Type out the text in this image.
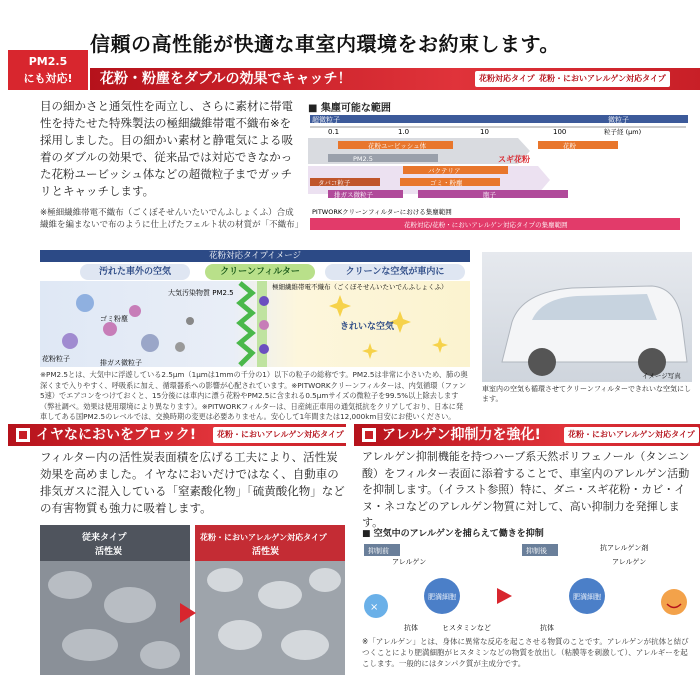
信頼の高性能が快適な車室内環境をお約束します。
PM2.5
にも対応!	花粉・粉塵をダブルの効果でキャッチ！	花粉対応タイプ 花粉・においアレルゲン対応タイプ
目の細かさと通気性を両立し、さらに素材に帯電性を持たせた特殊製法の極細繊維帯電不織布※を採用しました。目の細かい素材と静電気による吸着のダブルの効果で、従来品では対応できなかった花粉ユービッシュ体などの超微粒子までガッチリとキャッチします。
※極細繊維帯電不織布（ごくぼそせんいたいでんふしょくふ）合成繊維を編まないで布のように仕上げたフェルト状の材質が「不織布」
■ 集塵可能な範囲
超微粒子	微粒子
0.1	1.0	10	100	粒子経 (μm)
花粉ユービッシュ体	花粉
PM2.5	スギ花粉
バクテリア
タバコ粒子	ゴミ・粉塵
排ガス微粒子	胞子
PITWORKクリーンフィルターにおける集塵範囲
花粉対応/花粉・においアレルゲン対応タイプの集塵範囲
花粉対応タイプイメージ
汚れた車外の空気	クリーンフィルター	クリーンな空気が車内に
大気汚染物質 PM2.5
極細繊維帯電不織布（ごくぼそせんいたいでんふしょくふ）
ゴミ粉塵
花粉粒子	排ガス微粒子
きれいな空気
※PM2.5とは、大気中に浮遊している2.5μm（1μmは1mmの千分の1）以下の粒子の総称です。PM2.5は非常に小さいため、肺の奥深くまで入りやすく、呼吸系に加え、循環器系への影響が心配されています。※PITWORKクリーンフィルターは、内気循環（ファン5速）でエアコンをつけておくと、15分後には車内に漂う花粉やPM2.5に含まれる0.5μmサイズの微粒子を99.5%以上除去します（弊社調べ。効果は使用環境により異なります）。※PITWORKフィルターは、日産純正車用の通気抵抗をクリアしており、日本に発車してある国PM2.5のレベルでは、交換時期の変更は必要ありません。安心して1年間または12,000km目安にお使いください。
イメージ写真
車室内の空気も循環させてクリーンフィルターできれいな空気にします。
イヤなにおいをブロック!	花粉・においアレルゲン対応タイプ
フィルター内の活性炭表面積を広げる工夫により、活性炭効果を高めました。イヤなにおいだけではなく、自動車の排気ガスに混入している「窒素酸化物」「硫黄酸化物」などの有害物質も強力に吸着します。
従来タイプ
活性炭
花粉・においアレルゲン対応タイプ
活性炭
アレルゲン抑制力を強化!	花粉・においアレルゲン対応タイプ
アレルゲン抑制機能を持つハーブ系天然ポリフェノール（タンニン酸）をフィルター表面に添着することで、車室内のアレルゲン活動を抑制します。（イラスト参照）特に、ダニ・スギ花粉・カビ・イヌ・ネコなどのアレルゲン物質に対して、高い抑制力を発揮します。
■ 空気中のアレルゲンを捕らえて働きを抑制
抑制前	抑制後
×
肥満細胞
アレルゲン
抗体	ヒスタミンなど
肥満細胞
抗アレルゲン剤
アレルゲン
抗体
※「アレルゲン」とは、身体に異常な反応を起こさせる物質のことです。アレルゲンが抗体と結びつくことにより肥満細胞がヒスタミンなどの物質を放出し（粘膜等を刺激して）、アレルギーを起こします。一般的にはタンパク質が主成分です。
